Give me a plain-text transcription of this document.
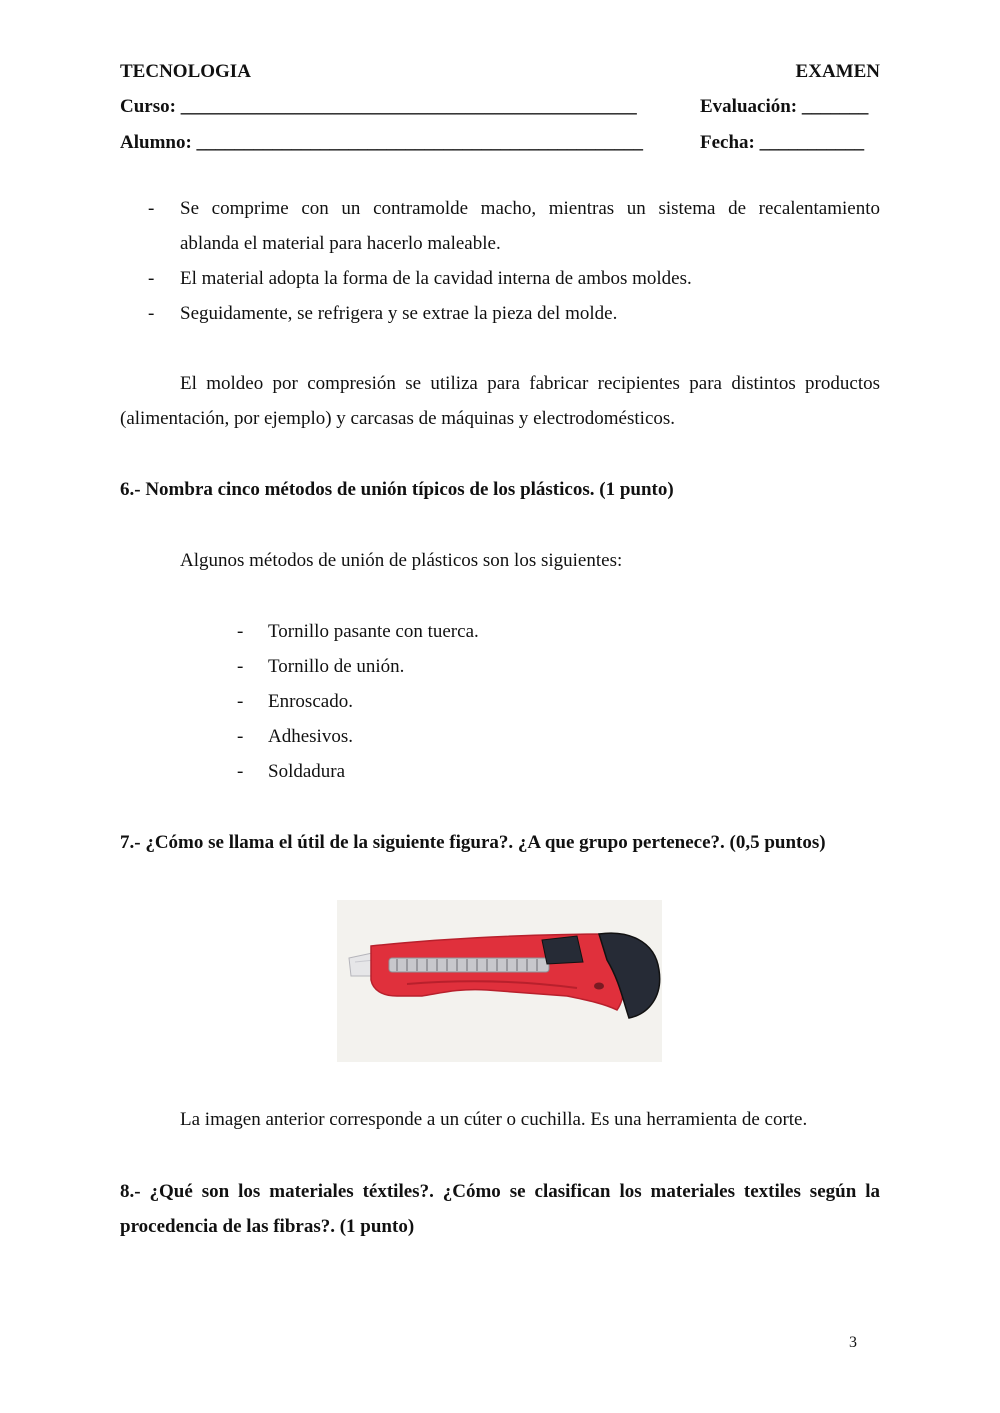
TECNOLOGIA	EXAMEN
Curso: ________________________________________________	Evaluación: _______
Alumno: _______________________________________________	Fecha: ___________
- Se comprime con un contramolde macho, mientras un sistema de recalentamiento
ablanda el material para hacerlo maleable.
- El material adopta la forma de la cavidad interna de ambos moldes.
- Seguidamente, se refrigera y se extrae la pieza del molde.
El moldeo por compresión se utiliza para fabricar recipientes para distintos productos
(alimentación, por ejemplo) y carcasas de máquinas y electrodomésticos.
6.- Nombra cinco métodos de unión típicos de los plásticos. (1 punto)
Algunos métodos de unión de plásticos son los siguientes:
- Tornillo pasante con tuerca.
- Tornillo de unión.
- Enroscado.
- Adhesivos.
- Soldadura
7.- ¿Cómo se llama el útil de la siguiente figura?. ¿A que grupo pertenece?. (0,5 puntos)
La imagen anterior corresponde a un cúter o cuchilla. Es una herramienta de corte.
8.- ¿Qué son los materiales téxtiles?. ¿Cómo se clasifican los materiales textiles según la
procedencia de las fibras?. (1 punto)
3
